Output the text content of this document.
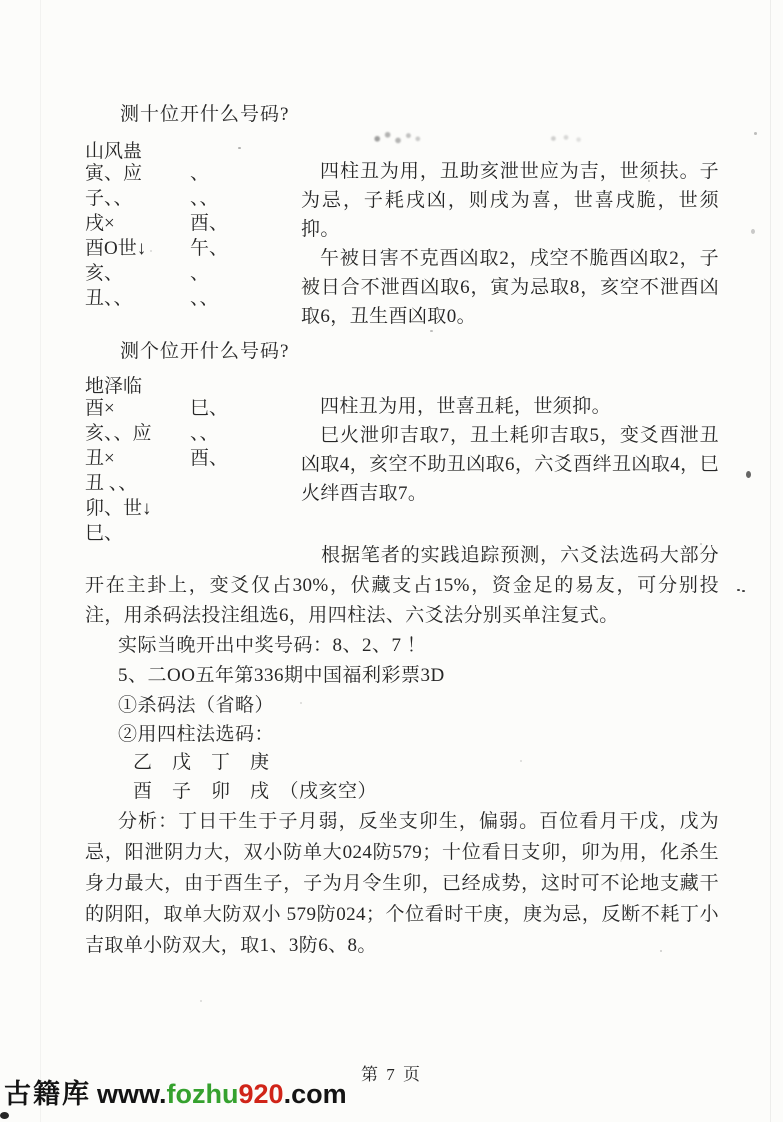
测十位开什么号码?
山风蛊
寅、应	、
子、、	、、
戌×	酉、
酉O世↓	午、
亥、	、
丑、、	、、

四柱丑为用，丑助亥泄世应为吉，世须扶。子为忌，子耗戌凶，则戌为喜，世喜戌脆，世须抑。

午被日害不克酉凶取2，戌空不脆酉凶取2，子被日合不泄酉凶取6，寅为忌取8，亥空不泄酉凶取6，丑生酉凶取0。

测个位开什么号码?
地泽临
酉×	巳、
亥、、应	、、
丑×	酉、
丑 、、
卯、世↓
巳、

四柱丑为用，世喜丑耗，世须抑。

巳火泄卯吉取7，丑土耗卯吉取5，变爻酉泄丑凶取4，亥空不助丑凶取6，六爻酉绊丑凶取4，巳火绊酉吉取7。

根据笔者的实践追踪预测，六爻法选码大部分开在主卦上，变爻仅占30%，伏藏支占15%，资金足的易友，可分别投注，用杀码法投注组选6，用四柱法、六爻法分别买单注复式。

实际当晚开出中奖号码：8、2、7 ！
5、二OO五年第336期中国福利彩票3D
①杀码法（省略）
②用四柱法选码：
乙　戊　丁　庚
酉　子　卯　戌　（戌亥空）

分析：丁日干生于子月弱，反坐支卯生，偏弱。百位看月干戊，戊为忌，阳泄阴力大，双小防单大024防579；十位看日支卯，卯为用，化杀生身力最大，由于酉生子，子为月令生卯，已经成势，这时可不论地支藏干的阴阳，取单大防双小 579防024；个位看时干庚，庚为忌，反断不耗丁小吉取单小防双大，取1、3防6、8。

第 7 页
古籍库 www.fozhu920.com
